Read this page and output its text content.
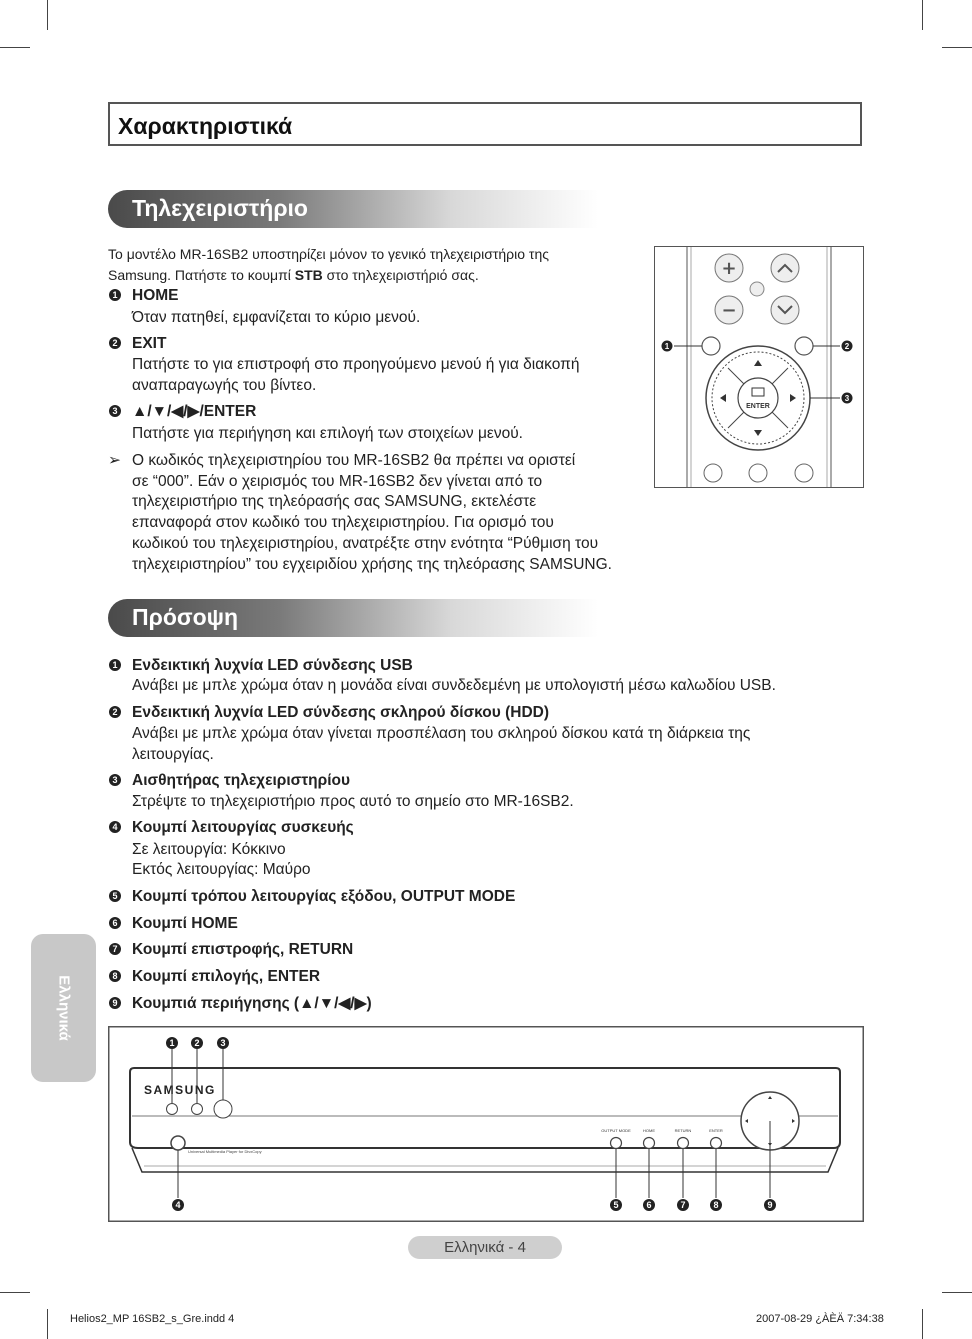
Χαρακτηριστικά
Τηλεχειριστήριο
Το μοντέλο MR-16SB2 υποστηρίζει μόνον το γενικό τηλεχειριστήριο της
Samsung. Πατήστε το κουμπί STB στο τηλεχειριστήριό σας.
1 HOME
Όταν πατηθεί, εμφανίζεται το κύριο μενού.
2 EXIT
Πατήστε το για επιστροφή στο προηγούμενο μενού ή για διακοπή
αναπαραγωγής του βίντεο.
3 ▲/▼/◀/▶/ENTER
Πατήστε για περιήγηση και επιλογή των στοιχείων μενού.
➢ Ο κωδικός τηλεχειριστηρίου του MR-16SB2 θα πρέπει να οριστεί
σε “000”. Εάν ο χειρισμός του MR-16SB2 δεν γίνεται από το
τηλεχειριστήριο της τηλεόρασής σας SAMSUNG, εκτελέστε
επαναφορά στον κωδικό του τηλεχειριστηρίου. Για ορισμό του
κωδικού του τηλεχειριστηρίου, ανατρέξτε στην ενότητα “Ρύθμιση του
τηλεχειριστηρίου” του εγχειριδίου χρήσης της τηλεόρασης SAMSUNG.
+
−
ENTER
1	2
3
Πρόσοψη
1 Ενδεικτική λυχνία LED σύνδεσης USB
Ανάβει με μπλε χρώμα όταν η μονάδα είναι συνδεδεμένη με υπολογιστή μέσω καλωδίου USB.
2 Ενδεικτική λυχνία LED σύνδεσης σκληρού δίσκου (HDD)
Ανάβει με μπλε χρώμα όταν γίνεται προσπέλαση του σκληρού δίσκου κατά τη διάρκεια της
λειτουργίας.
3 Αισθητήρας τηλεχειριστηρίου
Στρέψτε το τηλεχειριστήριο προς αυτό το σημείο στο MR-16SB2.
4 Κουμπί λειτουργίας συσκευής
Σε λειτουργία: Κόκκινο
Εκτός λειτουργίας: Μαύρο
5 Κουμπί τρόπου λειτουργίας εξόδου, OUTPUT MODE
6 Κουμπί HOME
7 Κουμπί επιστροφής, RETURN
8 Κουμπί επιλογής, ENTER
9 Κουμπιά περιήγησης (▲/▼/◀/▶)
SAMSUNG
Universal Multimedia Player for DivxCopy
OUTPUT MODE	HOME	RETURN	ENTER
1 2 3
4	5	6	7	8	9
Ελληνικά
Ελληνικά - 4
Helios2_MP 16SB2_s_Gre.indd 4	2007-08-29 ¿ÀÈÄ 7:34:38
